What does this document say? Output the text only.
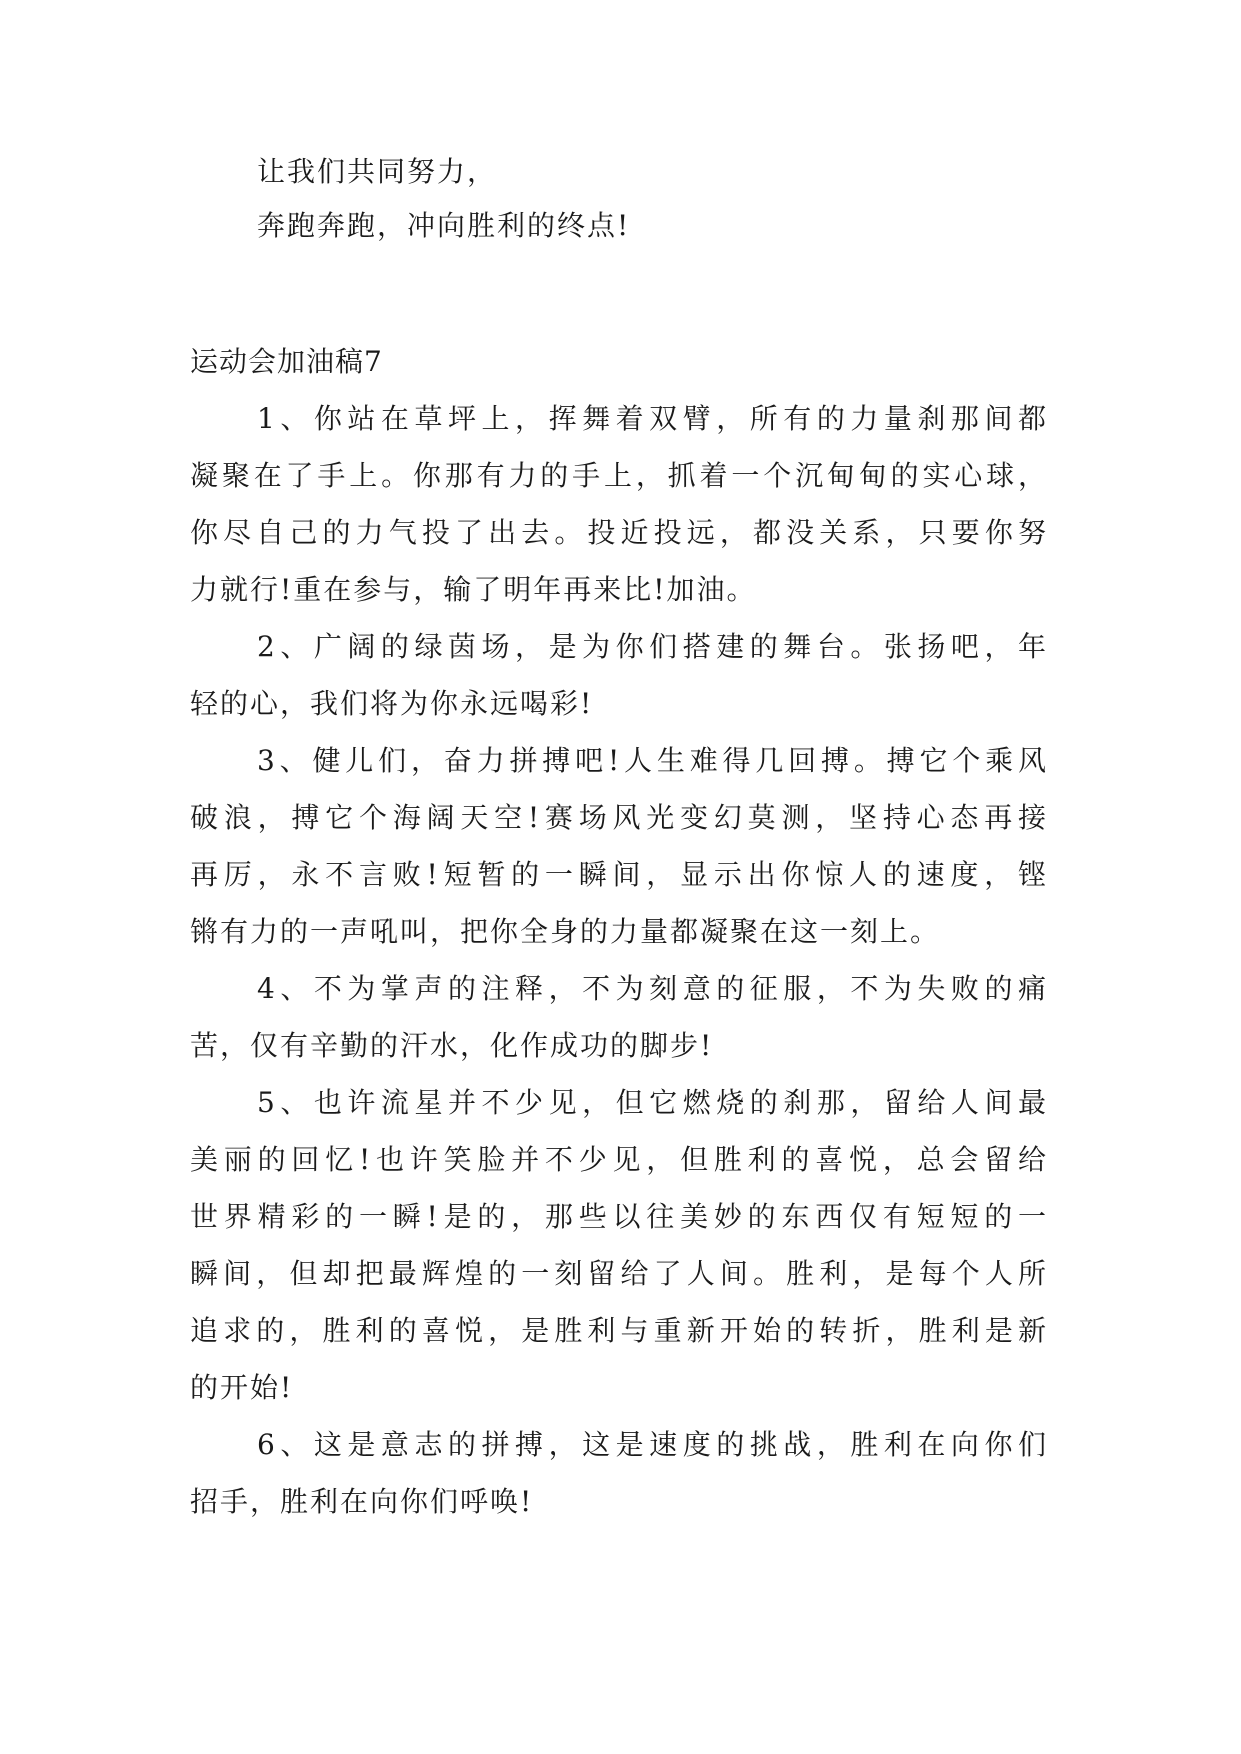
让我们共同努力，
奔跑奔跑，冲向胜利的终点!
运动会加油稿7
1、你站在草坪上，挥舞着双臂，所有的力量刹那间都
凝聚在了手上。你那有力的手上，抓着一个沉甸甸的实心球，
你尽自己的力气投了出去。投近投远，都没关系，只要你努
力就行!重在参与，输了明年再来比!加油。
2、广阔的绿茵场，是为你们搭建的舞台。张扬吧，年
轻的心，我们将为你永远喝彩!
3、健儿们，奋力拼搏吧!人生难得几回搏。搏它个乘风
破浪，搏它个海阔天空!赛场风光变幻莫测，坚持心态再接
再厉，永不言败!短暂的一瞬间，显示出你惊人的速度，铿
锵有力的一声吼叫，把你全身的力量都凝聚在这一刻上。
4、不为掌声的注释，不为刻意的征服，不为失败的痛
苦，仅有辛勤的汗水，化作成功的脚步!
5、也许流星并不少见，但它燃烧的刹那，留给人间最
美丽的回忆!也许笑脸并不少见，但胜利的喜悦，总会留给
世界精彩的一瞬!是的，那些以往美妙的东西仅有短短的一
瞬间，但却把最辉煌的一刻留给了人间。胜利，是每个人所
追求的，胜利的喜悦，是胜利与重新开始的转折，胜利是新
的开始!
6、这是意志的拼搏，这是速度的挑战，胜利在向你们
招手，胜利在向你们呼唤!
